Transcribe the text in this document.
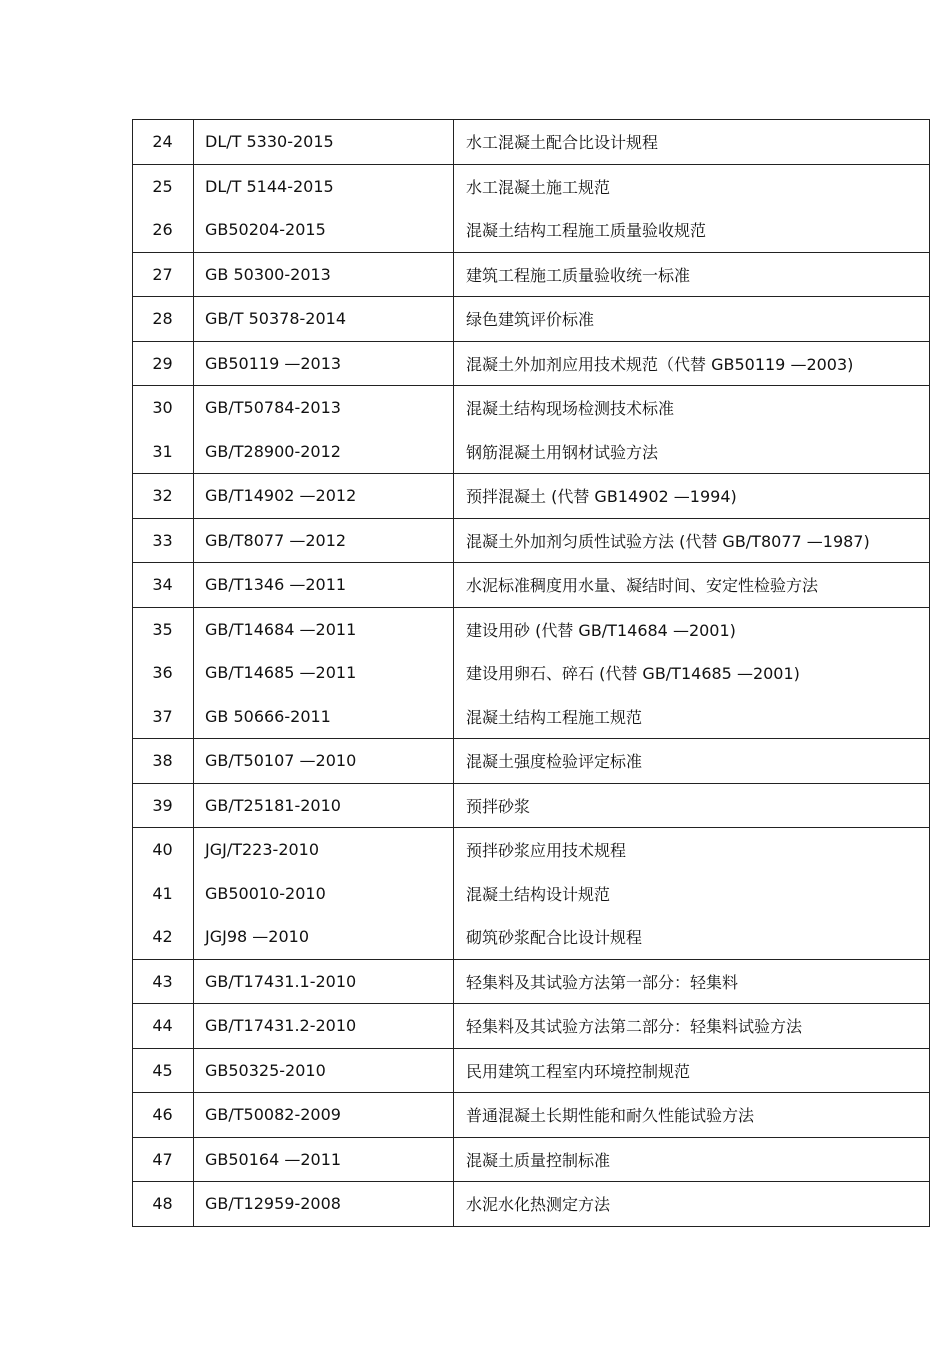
24	DL/T 5330-2015	水工混凝土配合比设计规程
25	DL/T 5144-2015	水工混凝土施工规范
26	GB50204-2015	混凝土结构工程施工质量验收规范
27	GB 50300-2013	建筑工程施工质量验收统一标准
28	GB/T 50378-2014	绿色建筑评价标准
29	GB50119 —2013	混凝土外加剂应用技术规范（代替 GB50119 —2003)
30	GB/T50784-2013	混凝土结构现场检测技术标准
31	GB/T28900-2012	钢筋混凝土用钢材试验方法
32	GB/T14902 —2012	预拌混凝土 (代替 GB14902 —1994)
33	GB/T8077 —2012	混凝土外加剂匀质性试验方法 (代替 GB/T8077 —1987)
34	GB/T1346 —2011	水泥标准稠度用水量、凝结时间、安定性检验方法
35	GB/T14684 —2011	建设用砂 (代替 GB/T14684 —2001)
36	GB/T14685 —2011	建设用卵石、碎石 (代替 GB/T14685 —2001)
37	GB 50666-2011	混凝土结构工程施工规范
38	GB/T50107 —2010	混凝土强度检验评定标准
39	GB/T25181-2010	预拌砂浆
40	JGJ/T223-2010	预拌砂浆应用技术规程
41	GB50010-2010	混凝土结构设计规范
42	JGJ98 —2010	砌筑砂浆配合比设计规程
43	GB/T17431.1-2010	轻集料及其试验方法第一部分：轻集料
44	GB/T17431.2-2010	轻集料及其试验方法第二部分：轻集料试验方法
45	GB50325-2010	民用建筑工程室内环境控制规范
46	GB/T50082-2009	普通混凝土长期性能和耐久性能试验方法
47	GB50164 —2011	混凝土质量控制标准
48	GB/T12959-2008	水泥水化热测定方法
